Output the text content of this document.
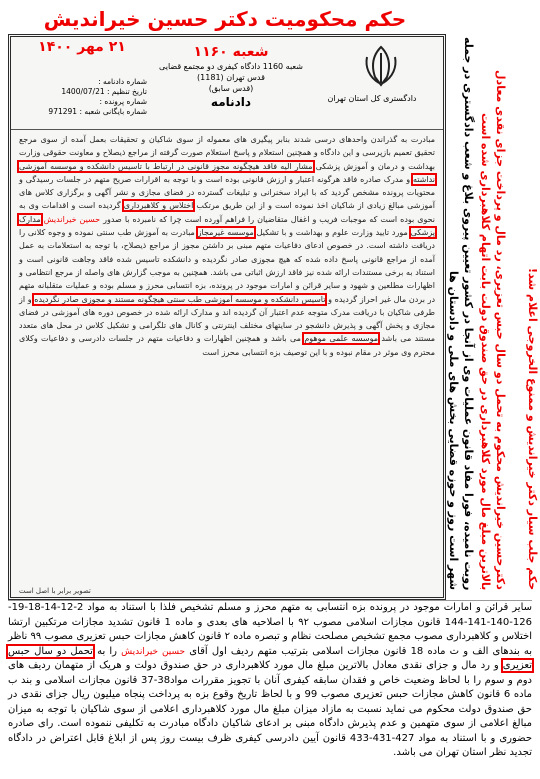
حکم محکومیت دکتر حسین خیراندیش
حکم جلب سیار دکتر خیراندیش و ممنوع الخروجی اعلام شد!
دکترحسین خیراندیش محکوم به تحمل دو سال حبس تعزیری، رد مال و پرداخت جزای نقدی معادل بالاترین مبلغ مال مورد کلاهبرداری در حق صندوق دولت بابت اتهام کلاهبرداری شده است
رویت نامیده، فورا مفاد قانون عملیات وی از آنجا در کشور تعیین پیروی بلاغ و شعب دادگستری در جمله شهر است روز و حوزه قضایی بخش های ملی و دادستان ها
دادگستری کل استان تهران
شعبه ۱۱۶۰
شعبه 1160 دادگاه کیفری دو مجتمع قضایی قدس تهران (1181)
(قدس سابق)
دادنامه
۲۱ مهر ۱۴۰۰
شماره دادنامه :
تاریخ تنظیم : 1400/07/21
شماره پرونده :
شماره بایگانی شعبه : 971291
مبادرت به گذراندن واحدهای درسی شدند بنابر پیگیری های معموله از سوی شاکیان و تحقیقات بعمل آمده از سوی مرجع تحقیق تعمیم بازپرسی و این دادگاه و همچنین استعلام و پاسخ استعلام صورت گرفته از مراجع ذیصلاح و معاونت حقوقی وزارت بهداشت و درمان و آموزش پزشکی مشار الیه فاقد هیچگونه مجوز قانونی در ارتباط با تاسیس دانشکده و موسسه آموزشی نداشته و مدرک صادره فاقد هرگونه اعتبار و ارزش قانونی بوده است و با توجه به اقرارات صریح متهم در جلسات رسیدگی و محتویات پرونده مشخص گردید که با ایراد سخنرانی و تبلیغات گسترده در فضای مجازی و نشر آگهی و برگزاری کلاس های آموزشی مبالغ زیادی از شاکیان اخذ نموده است و از این طریق مرتکب اختلاس و کلاهبرداری گردیده است و اقدامات وی به نحوی بوده است که موجبات فریب و اغفال متقاضیان را فراهم آورده است چرا که نامبرده با صدور حسین خیراندیش مدارک پزشکی مورد تایید وزارت علوم و بهداشت و با تشکیل موسسه غیرمجاز مبادرت به آموزش طب سنتی نموده و وجوه کلانی را دریافت داشته است. در خصوص ادعای دفاعیات متهم مبنی بر داشتن مجوز از مراجع ذیصلاح، با توجه به استعلامات به عمل آمده از مراجع قانونی پاسخ داده شده که هیچ مجوزی صادر نگردیده و دانشکده تاسیس شده فاقد وجاهت قانونی است و استناد به برخی مستندات ارائه شده نیز فاقد ارزش اثباتی می باشد. همچنین به موجب گزارش های واصله از مرجع انتظامی و اظهارات مطلعین و شهود و سایر قرائن و امارات موجود در پرونده، بزه انتسابی محرز و مسلم بوده و عملیات متقلبانه متهم در بردن مال غیر احراز گردیده و تاسیس دانشکده و موسسه آموزشی طب سنتی هیچگونه مستند و مجوزی صادر نگردیده و از طرفی شاکیان با دریافت مدرک متوجه عدم اعتبار آن گردیده اند و مدارک ارائه شده در خصوص دوره های آموزشی در فضای مجازی و پخش آگهی و پذیرش دانشجو در سایتهای مختلف اینترنتی و کانال های تلگرامی و تشکیل کلاس در محل های متعدد مستند می باشد موسسه علمی موهوم می باشد و همچنین اظهارات و دفاعیات متهم در جلسات دادرسی و دفاعیات وکلای محترم وی موثر در مقام نبوده و با این توصیف بزه انتسابی محرز است
تصویر برابر با اصل است
سایر قرائن و امارات موجود در پرونده بزه انتسابی به متهم محرز و مسلم تشخیص فلذا با استناد به مواد 2-12-14-18-19-126-140-141-144 قانون مجازات اسلامی مصوب ۹۲ با اصلاحیه های بعدی و ماده 1 قانون تشدید مجازات مرتکبین ارتشا اختلاس و کلاهبرداری مصوب مجمع تشخیص مصلحت نظام و تبصره ماده ۲ قانون کاهش مجازات حبس تعزیری مصوب ۹۹ ناظر به بندهای الف و ت ماده 18 قانون مجازات اسلامی بترتیب متهم ردیف اول آقای حسین خیراندیش را به تحمل دو سال حبس تعزیری و رد مال و جزای نقدی معادل بالاترین مبلغ مال مورد کلاهبرداری در حق صندوق دولت و هریک از متهمان ردیف های دوم و سوم را با لحاظ وضعیت خاص و فقدان سابقه کیفری آنان با تجویز مقررات مواد38-37 قانون مجازات اسلامی و بند ب ماده 6 قانون کاهش مجازات حبس تعزیری مصوب 99 و با لحاظ تاریخ وقوع بزه به پرداخت پنجاه میلیون ریال جزای نقدی در حق صندوق دولت محکوم می نماید نسبت به مازاد میزان مبلغ مال مورد کلاهبرداری اعلامی از سوی شاکیان با توجه به میزان مبالغ اعلامی از سوی متهمین و عدم پذیرش دادگاه مبنی بر ادعای شاکیان دادگاه مبادرت به تکلیفی ننموده است. رای صادره حضوری و با استناد به مواد 427-431-433 قانون آیین دادرسی کیفری ظرف بیست روز پس از ابلاغ قابل اعتراض در دادگاه تجدید نظر استان تهران می باشد.
